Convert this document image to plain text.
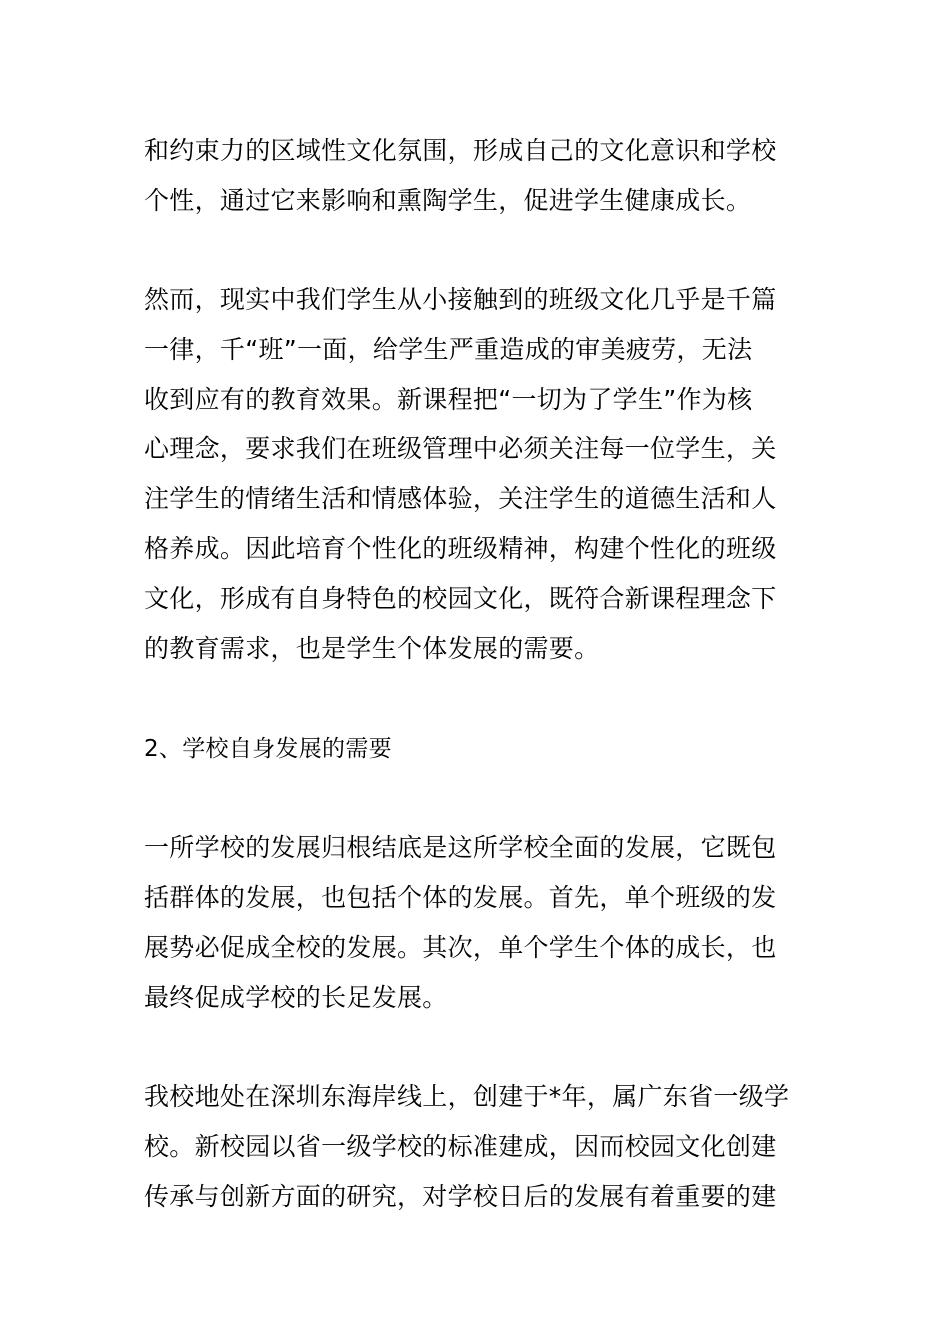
和约束力的区域性文化氛围，形成自己的文化意识和学校
个性，通过它来影响和熏陶学生，促进学生健康成长。
然而，现实中我们学生从小接触到的班级文化几乎是千篇
一律，千“班”一面，给学生严重造成的审美疲劳，无法
收到应有的教育效果。新课程把“一切为了学生”作为核
心理念，要求我们在班级管理中必须关注每一位学生，关
注学生的情绪生活和情感体验，关注学生的道德生活和人
格养成。因此培育个性化的班级精神，构建个性化的班级
文化，形成有自身特色的校园文化，既符合新课程理念下
的教育需求，也是学生个体发展的需要。
2、学校自身发展的需要
一所学校的发展归根结底是这所学校全面的发展，它既包
括群体的发展，也包括个体的发展。首先，单个班级的发
展势必促成全校的发展。其次，单个学生个体的成长，也
最终促成学校的长足发展。
我校地处在深圳东海岸线上，创建于*年，属广东省一级学
校。新校园以省一级学校的标准建成，因而校园文化创建
传承与创新方面的研究，对学校日后的发展有着重要的建
